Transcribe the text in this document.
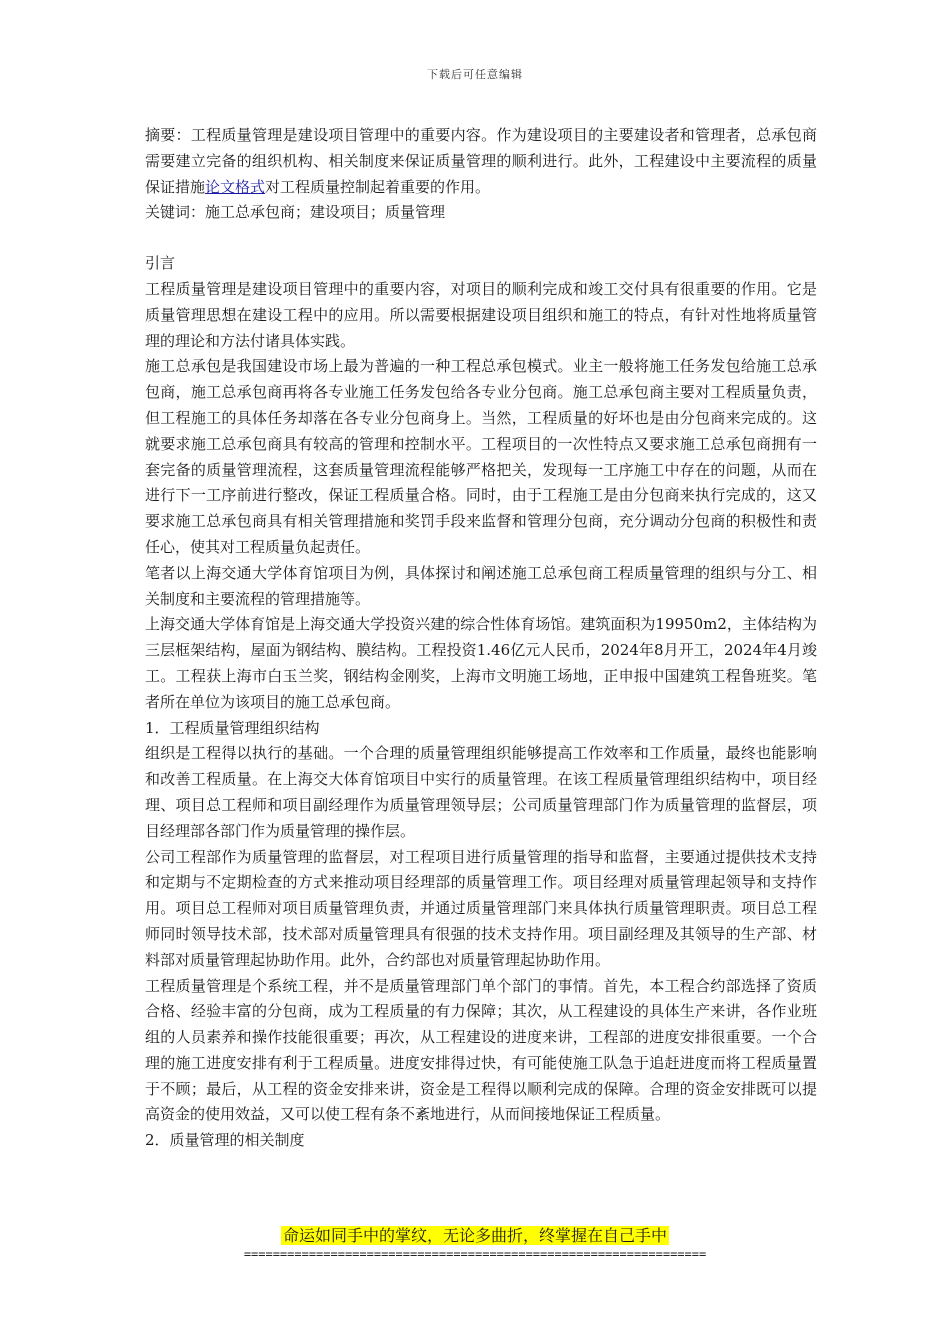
下载后可任意编辑

摘要：工程质量管理是建设项目管理中的重要内容。作为建设项目的主要建设者和管理者，总承包商需要建立完备的组织机构、相关制度来保证质量管理的顺利进行。此外，工程建设中主要流程的质量保证措施论文格式对工程质量控制起着重要的作用。

关键词：施工总承包商；建设项目；质量管理

引言

工程质量管理是建设项目管理中的重要内容，对项目的顺利完成和竣工交付具有很重要的作用。它是质量管理思想在建设工程中的应用。所以需要根据建设项目组织和施工的特点，有针对性地将质量管理的理论和方法付诸具体实践。

施工总承包是我国建设市场上最为普遍的一种工程总承包模式。业主一般将施工任务发包给施工总承包商，施工总承包商再将各专业施工任务发包给各专业分包商。施工总承包商主要对工程质量负责，但工程施工的具体任务却落在各专业分包商身上。当然，工程质量的好坏也是由分包商来完成的。这就要求施工总承包商具有较高的管理和控制水平。工程项目的一次性特点又要求施工总承包商拥有一套完备的质量管理流程，这套质量管理流程能够严格把关，发现每一工序施工中存在的问题，从而在进行下一工序前进行整改，保证工程质量合格。同时，由于工程施工是由分包商来执行完成的，这又要求施工总承包商具有相关管理措施和奖罚手段来监督和管理分包商，充分调动分包商的积极性和责任心，使其对工程质量负起责任。

笔者以上海交通大学体育馆项目为例，具体探讨和阐述施工总承包商工程质量管理的组织与分工、相关制度和主要流程的管理措施等。

上海交通大学体育馆是上海交通大学投资兴建的综合性体育场馆。建筑面积为19950m2，主体结构为三层框架结构，屋面为钢结构、膜结构。工程投资1.46亿元人民币，2024年8月开工，2024年4月竣工。工程获上海市白玉兰奖，钢结构金刚奖，上海市文明施工场地，正申报中国建筑工程鲁班奖。笔者所在单位为该项目的施工总承包商。

1．工程质量管理组织结构

组织是工程得以执行的基础。一个合理的质量管理组织能够提高工作效率和工作质量，最终也能影响和改善工程质量。在上海交大体育馆项目中实行的质量管理。在该工程质量管理组织结构中，项目经理、项目总工程师和项目副经理作为质量管理领导层；公司质量管理部门作为质量管理的监督层，项目经理部各部门作为质量管理的操作层。

公司工程部作为质量管理的监督层，对工程项目进行质量管理的指导和监督，主要通过提供技术支持和定期与不定期检查的方式来推动项目经理部的质量管理工作。项目经理对质量管理起领导和支持作用。项目总工程师对项目质量管理负责，并通过质量管理部门来具体执行质量管理职责。项目总工程师同时领导技术部，技术部对质量管理具有很强的技术支持作用。项目副经理及其领导的生产部、材料部对质量管理起协助作用。此外，合约部也对质量管理起协助作用。

工程质量管理是个系统工程，并不是质量管理部门单个部门的事情。首先，本工程合约部选择了资质合格、经验丰富的分包商，成为工程质量的有力保障；其次，从工程建设的具体生产来讲，各作业班组的人员素养和操作技能很重要；再次，从工程建设的进度来讲，工程部的进度安排很重要。一个合理的施工进度安排有利于工程质量。进度安排得过快，有可能使施工队急于追赶进度而将工程质量置于不顾；最后，从工程的资金安排来讲，资金是工程得以顺利完成的保障。合理的资金安排既可以提高资金的使用效益，又可以使工程有条不紊地进行，从而间接地保证工程质量。

2．质量管理的相关制度

命运如同手中的掌纹，无论多曲折，终掌握在自己手中
================================================================
